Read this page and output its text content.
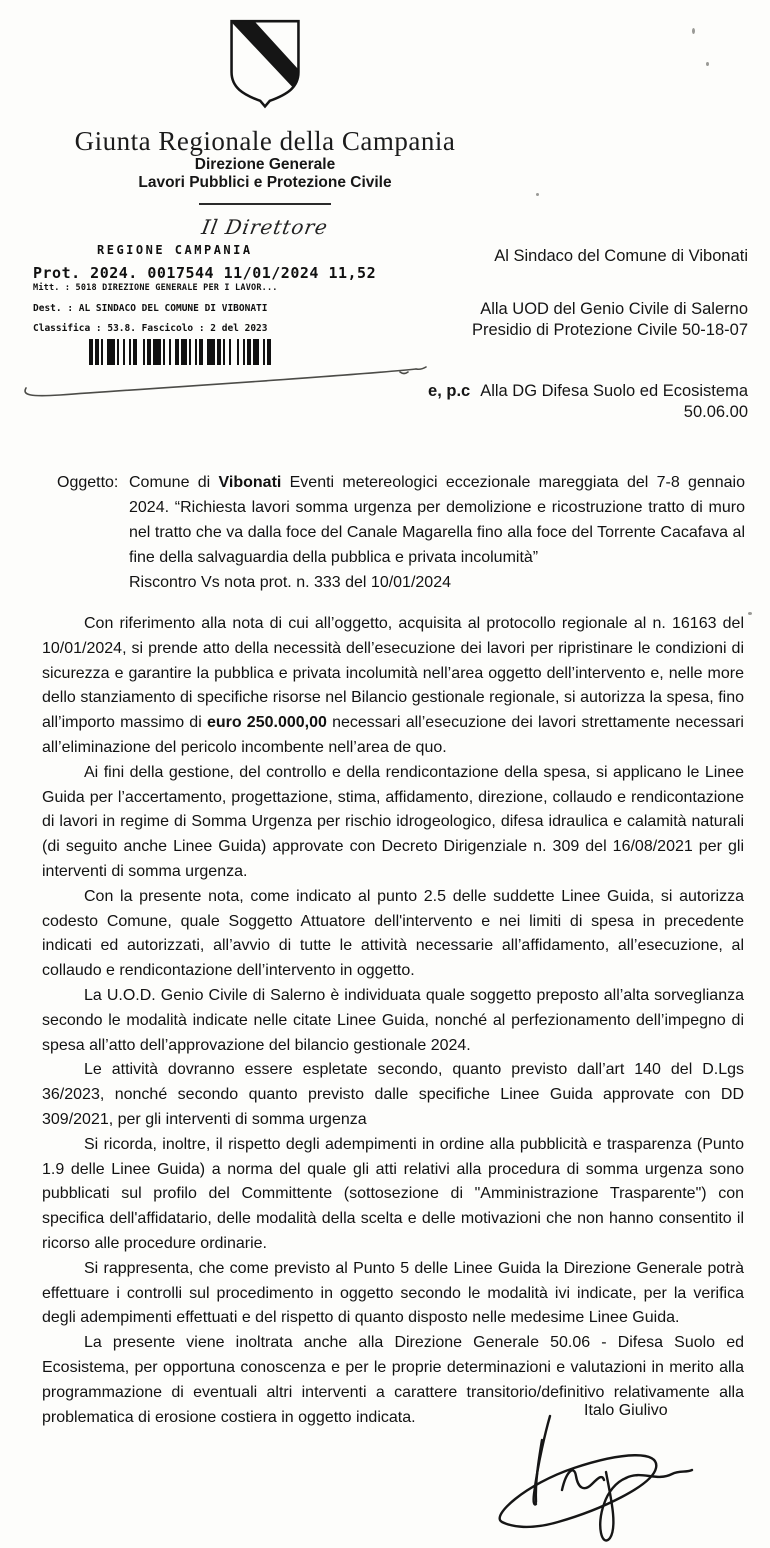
Giunta Regionale della Campania
Direzione Generale
Lavori Pubblici e Protezione Civile
Il Direttore
REGIONE CAMPANIA
Prot. 2024. 0017544 11/01/2024 11,52
Mitt. : 5018 DIREZIONE GENERALE PER I LAVOR...
Dest. : AL SINDACO DEL COMUNE DI VIBONATI
Classifica : 53.8. Fascicolo : 2 del 2023
Al Sindaco del Comune di Vibonati
Alla UOD del Genio Civile di Salerno
Presidio di Protezione Civile 50-18-07
e, p.c Alla DG Difesa Suolo ed Ecosistema
50.06.00
Oggetto: Comune di Vibonati Eventi metereologici eccezionale mareggiata del 7-8 gennaio 2024. “Richiesta lavori somma urgenza per demolizione e ricostruzione tratto di muro nel tratto che va dalla foce del Canale Magarella fino alla foce del Torrente Cacafava al fine della salvaguardia della pubblica e privata incolumità”
Riscontro Vs nota prot. n. 333 del 10/01/2024

Con riferimento alla nota di cui all’oggetto, acquisita al protocollo regionale al n. 16163 del 10/01/2024, si prende atto della necessità dell’esecuzione dei lavori per ripristinare le condizioni di sicurezza e garantire la pubblica e privata incolumità nell’area oggetto dell’intervento e, nelle more dello stanziamento di specifiche risorse nel Bilancio gestionale regionale, si autorizza la spesa, fino all’importo massimo di euro 250.000,00 necessari all’esecuzione dei lavori strettamente necessari all’eliminazione del pericolo incombente nell’area de quo.

Ai fini della gestione, del controllo e della rendicontazione della spesa, si applicano le Linee Guida per l’accertamento, progettazione, stima, affidamento, direzione, collaudo e rendicontazione di lavori in regime di Somma Urgenza per rischio idrogeologico, difesa idraulica e calamità naturali (di seguito anche Linee Guida) approvate con Decreto Dirigenziale n. 309 del 16/08/2021 per gli interventi di somma urgenza.

Con la presente nota, come indicato al punto 2.5 delle suddette Linee Guida, si autorizza codesto Comune, quale Soggetto Attuatore dell'intervento e nei limiti di spesa in precedente indicati ed autorizzati, all’avvio di tutte le attività necessarie all’affidamento, all’esecuzione, al collaudo e rendicontazione dell’intervento in oggetto.

La U.O.D. Genio Civile di Salerno è individuata quale soggetto preposto all’alta sorveglianza secondo le modalità indicate nelle citate Linee Guida, nonché al perfezionamento dell’impegno di spesa all’atto dell’approvazione del bilancio gestionale 2024.

Le attività dovranno essere espletate secondo, quanto previsto dall’art 140 del D.Lgs 36/2023, nonché secondo quanto previsto dalle specifiche Linee Guida approvate con DD 309/2021, per gli interventi di somma urgenza

Si ricorda, inoltre, il rispetto degli adempimenti in ordine alla pubblicità e trasparenza (Punto 1.9 delle Linee Guida) a norma del quale gli atti relativi alla procedura di somma urgenza sono pubblicati sul profilo del Committente (sottosezione di "Amministrazione Trasparente") con specifica dell'affidatario, delle modalità della scelta e delle motivazioni che non hanno consentito il ricorso alle procedure ordinarie.

Si rappresenta, che come previsto al Punto 5 delle Linee Guida la Direzione Generale potrà effettuare i controlli sul procedimento in oggetto secondo le modalità ivi indicate, per la verifica degli adempimenti effettuati e del rispetto di quanto disposto nelle medesime Linee Guida.

La presente viene inoltrata anche alla Direzione Generale 50.06 - Difesa Suolo ed Ecosistema, per opportuna conoscenza e per le proprie determinazioni e valutazioni in merito alla programmazione di eventuali altri interventi a carattere transitorio/definitivo relativamente alla problematica di erosione costiera in oggetto indicata.	Italo Giulivo
